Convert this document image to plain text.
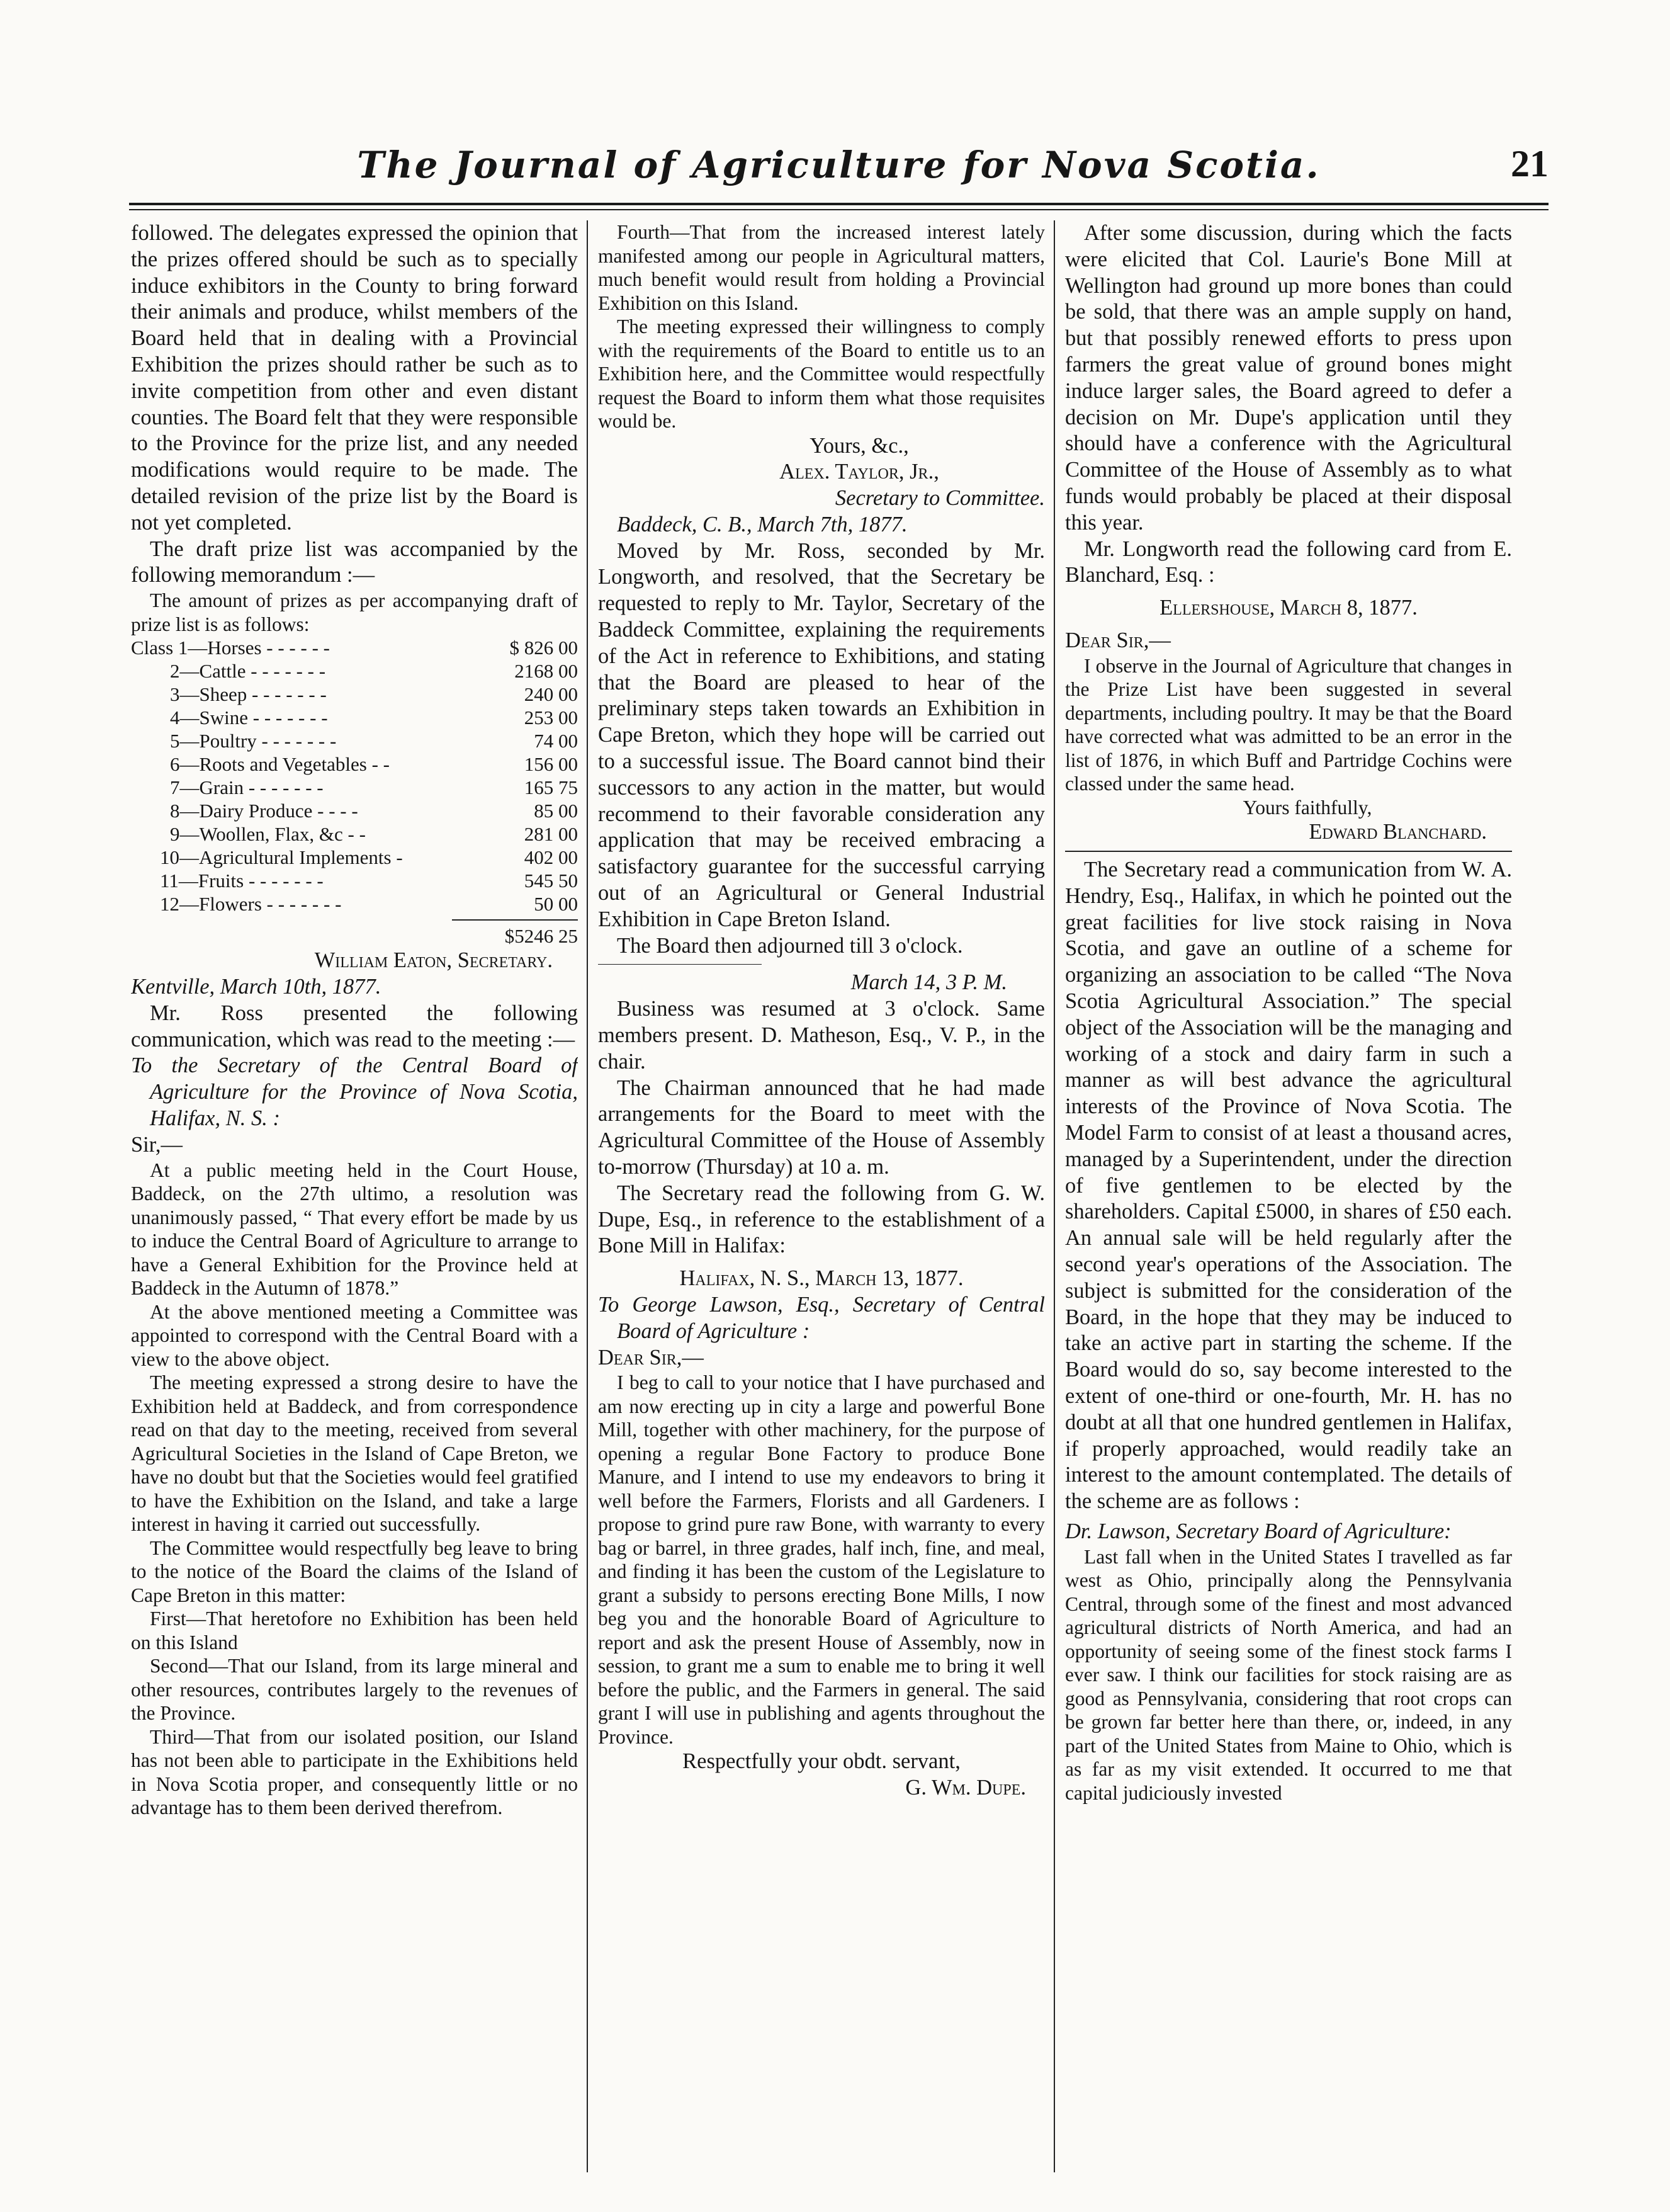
The Journal of Agriculture for Nova Scotia.	21

followed. The delegates expressed the opinion that the prizes offered should be such as to specially induce exhibitors in the County to bring forward their animals and produce, whilst members of the Board held that in dealing with a Provincial Exhibition the prizes should rather be such as to invite competition from other and even distant counties. The Board felt that they were responsible to the Province for the prize list, and any needed modifications would require to be made. The detailed revision of the prize list by the Board is not yet completed.

The draft prize list was accompanied by the following memorandum :—

The amount of prizes as per accompanying draft of prize list is as follows:

Class 1—Horses - - - - - -	$ 826 00
2—Cattle - - - - - - -	2168 00
3—Sheep - - - - - - -	240 00
4—Swine - - - - - - -	253 00
5—Poultry - - - - - - -	74 00
6—Roots and Vegetables - -	156 00
7—Grain - - - - - - -	165 75
8—Dairy Produce - - - -	85 00
9—Woollen, Flax, &c - -	281 00
10—Agricultural Implements -	402 00
11—Fruits - - - - - - -	545 50
12—Flowers - - - - - - -	50 00
$5246 25

William Eaton, Secretary.

Kentville, March 10th, 1877.

Mr. Ross presented the following communication, which was read to the meeting :—

To the Secretary of the Central Board of Agriculture for the Province of Nova Scotia, Halifax, N. S. :

Sir,—

At a public meeting held in the Court House, Baddeck, on the 27th ultimo, a resolution was unanimously passed, “ That every effort be made by us to induce the Central Board of Agriculture to arrange to have a General Exhibition for the Province held at Baddeck in the Autumn of 1878.”

At the above mentioned meeting a Committee was appointed to correspond with the Central Board with a view to the above object.

The meeting expressed a strong desire to have the Exhibition held at Baddeck, and from correspondence read on that day to the meeting, received from several Agricultural Societies in the Island of Cape Breton, we have no doubt but that the Societies would feel gratified to have the Exhibition on the Island, and take a large interest in having it carried out successfully.

The Committee would respectfully beg leave to bring to the notice of the Board the claims of the Island of Cape Breton in this matter:

First—That heretofore no Exhibition has been held on this Island

Second—That our Island, from its large mineral and other resources, contributes largely to the revenues of the Province.

Third—That from our isolated position, our Island has not been able to participate in the Exhibitions held in Nova Scotia proper, and consequently little or no advantage has to them been derived therefrom.

Fourth—That from the increased interest lately manifested among our people in Agricultural matters, much benefit would result from holding a Provincial Exhibition on this Island.

The meeting expressed their willingness to comply with the requirements of the Board to entitle us to an Exhibition here, and the Committee would respectfully request the Board to inform them what those requisites would be.

Yours, &c.,

Alex. Taylor, Jr.,

Secretary to Committee.

Baddeck, C. B., March 7th, 1877.

Moved by Mr. Ross, seconded by Mr. Longworth, and resolved, that the Secretary be requested to reply to Mr. Taylor, Secretary of the Baddeck Committee, explaining the requirements of the Act in reference to Exhibitions, and stating that the Board are pleased to hear of the preliminary steps taken towards an Exhibition in Cape Breton, which they hope will be carried out to a successful issue. The Board cannot bind their successors to any action in the matter, but would recommend to their favorable consideration any application that may be received embracing a satisfactory guarantee for the successful carrying out of an Agricultural or General Industrial Exhibition in Cape Breton Island.

The Board then adjourned till 3 o'clock.

March 14, 3 P. M.

Business was resumed at 3 o'clock. Same members present. D. Matheson, Esq., V. P., in the chair.

The Chairman announced that he had made arrangements for the Board to meet with the Agricultural Committee of the House of Assembly to-morrow (Thursday) at 10 a. m.

The Secretary read the following from G. W. Dupe, Esq., in reference to the establishment of a Bone Mill in Halifax:

Halifax, N. S., March 13, 1877.

To George Lawson, Esq., Secretary of Central Board of Agriculture :

Dear Sir,—

I beg to call to your notice that I have purchased and am now erecting up in city a large and powerful Bone Mill, together with other machinery, for the purpose of opening a regular Bone Factory to produce Bone Manure, and I intend to use my endeavors to bring it well before the Farmers, Florists and all Gardeners. I propose to grind pure raw Bone, with warranty to every bag or barrel, in three grades, half inch, fine, and meal, and finding it has been the custom of the Legislature to grant a subsidy to persons erecting Bone Mills, I now beg you and the honorable Board of Agriculture to report and ask the present House of Assembly, now in session, to grant me a sum to enable me to bring it well before the public, and the Farmers in general. The said grant I will use in publishing and agents throughout the Province.

Respectfully your obdt. servant,

G. Wm. Dupe.

After some discussion, during which the facts were elicited that Col. Laurie's Bone Mill at Wellington had ground up more bones than could be sold, that there was an ample supply on hand, but that possibly renewed efforts to press upon farmers the great value of ground bones might induce larger sales, the Board agreed to defer a decision on Mr. Dupe's application until they should have a conference with the Agricultural Committee of the House of Assembly as to what funds would probably be placed at their disposal this year.

Mr. Longworth read the following card from E. Blanchard, Esq. :

Ellershouse, March 8, 1877.

Dear Sir,—

I observe in the Journal of Agriculture that changes in the Prize List have been suggested in several departments, including poultry. It may be that the Board have corrected what was admitted to be an error in the list of 1876, in which Buff and Partridge Cochins were classed under the same head.

Yours faithfully,

Edward Blanchard.

The Secretary read a communication from W. A. Hendry, Esq., Halifax, in which he pointed out the great facilities for live stock raising in Nova Scotia, and gave an outline of a scheme for organizing an association to be called “The Nova Scotia Agricultural Association.” The special object of the Association will be the managing and working of a stock and dairy farm in such a manner as will best advance the agricultural interests of the Province of Nova Scotia. The Model Farm to consist of at least a thousand acres, managed by a Superintendent, under the direction of five gentlemen to be elected by the shareholders. Capital £5000, in shares of £50 each. An annual sale will be held regularly after the second year's operations of the Association. The subject is submitted for the consideration of the Board, in the hope that they may be induced to take an active part in starting the scheme. If the Board would do so, say become interested to the extent of one-third or one-fourth, Mr. H. has no doubt at all that one hundred gentlemen in Halifax, if properly approached, would readily take an interest to the amount contemplated. The details of the scheme are as follows :

Dr. Lawson, Secretary Board of Agriculture:

Last fall when in the United States I travelled as far west as Ohio, principally along the Pennsylvania Central, through some of the finest and most advanced agricultural districts of North America, and had an opportunity of seeing some of the finest stock farms I ever saw. I think our facilities for stock raising are as good as Pennsylvania, considering that root crops can be grown far better here than there, or, indeed, in any part of the United States from Maine to Ohio, which is as far as my visit extended. It occurred to me that capital judiciously invested
